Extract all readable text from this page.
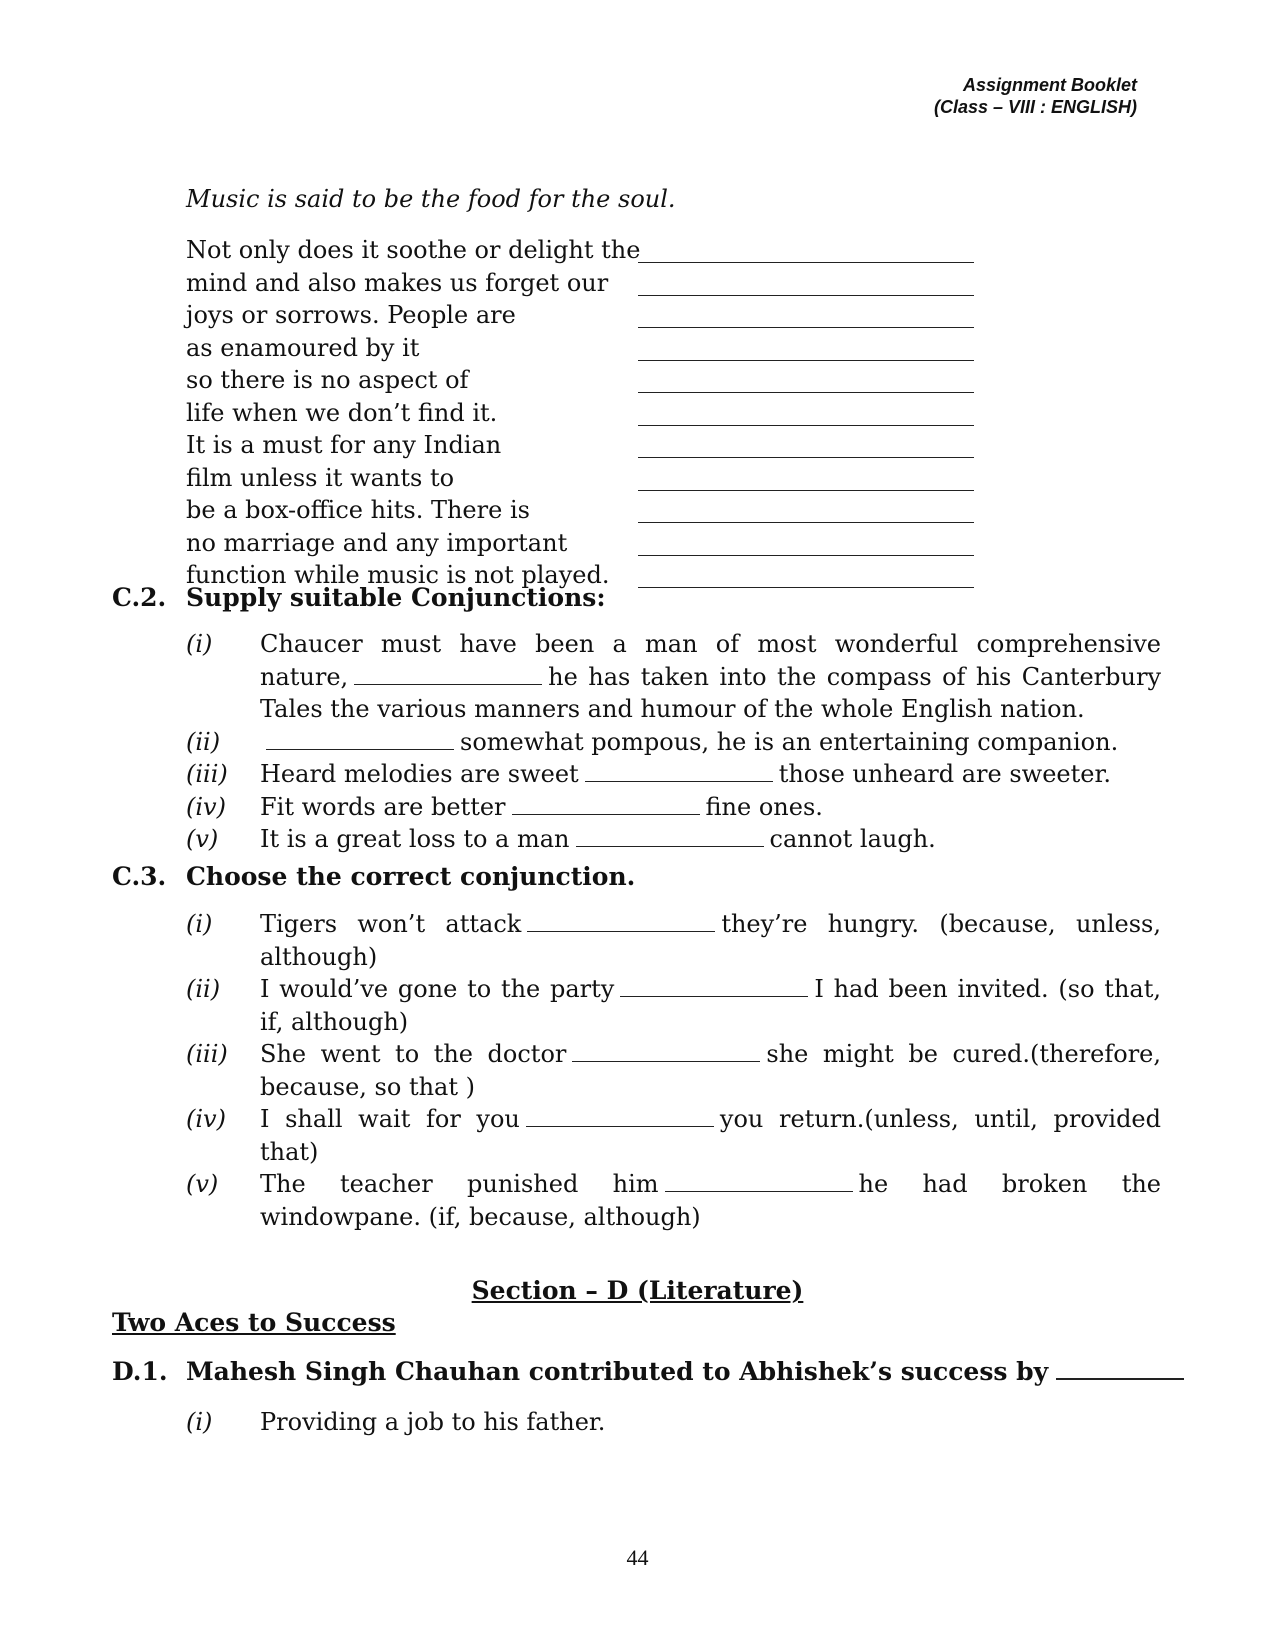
Assignment Booklet
(Class – VIII : ENGLISH)
Music is said to be the food for the soul.
Not only does it soothe or delight the
mind and also makes us forget our
joys or sorrows. People are
as enamoured by it
so there is no aspect of
life when we don’t find it.
It is a must for any Indian
film unless it wants to
be a box-office hits. There is
no marriage and any important
function while music is not played.
C.2. Supply suitable Conjunctions:
(i) Chaucer must have been a man of most wonderful comprehensive nature,	he has taken into the compass of his Canterbury Tales the various manners and humour of the whole English nation.
(ii)	somewhat pompous, he is an entertaining companion.
(iii) Heard melodies are sweet	those unheard are sweeter.
(iv) Fit words are better	fine ones.
(v) It is a great loss to a man	cannot laugh.
C.3. Choose the correct conjunction.
(i) Tigers won’t attack	they’re hungry. (because, unless, although)
(ii) I would’ve gone to the party	I had been invited. (so that, if, although)
(iii) She went to the doctor	she might be cured.(therefore, because, so that )
(iv) I shall wait for you	you return.(unless, until, provided that)
(v) The teacher punished him	he had broken the windowpane. (if, because, although)
Section – D (Literature)
Two Aces to Success
D.1. Mahesh Singh Chauhan contributed to Abhishek’s success by
(i) Providing a job to his father.
44
